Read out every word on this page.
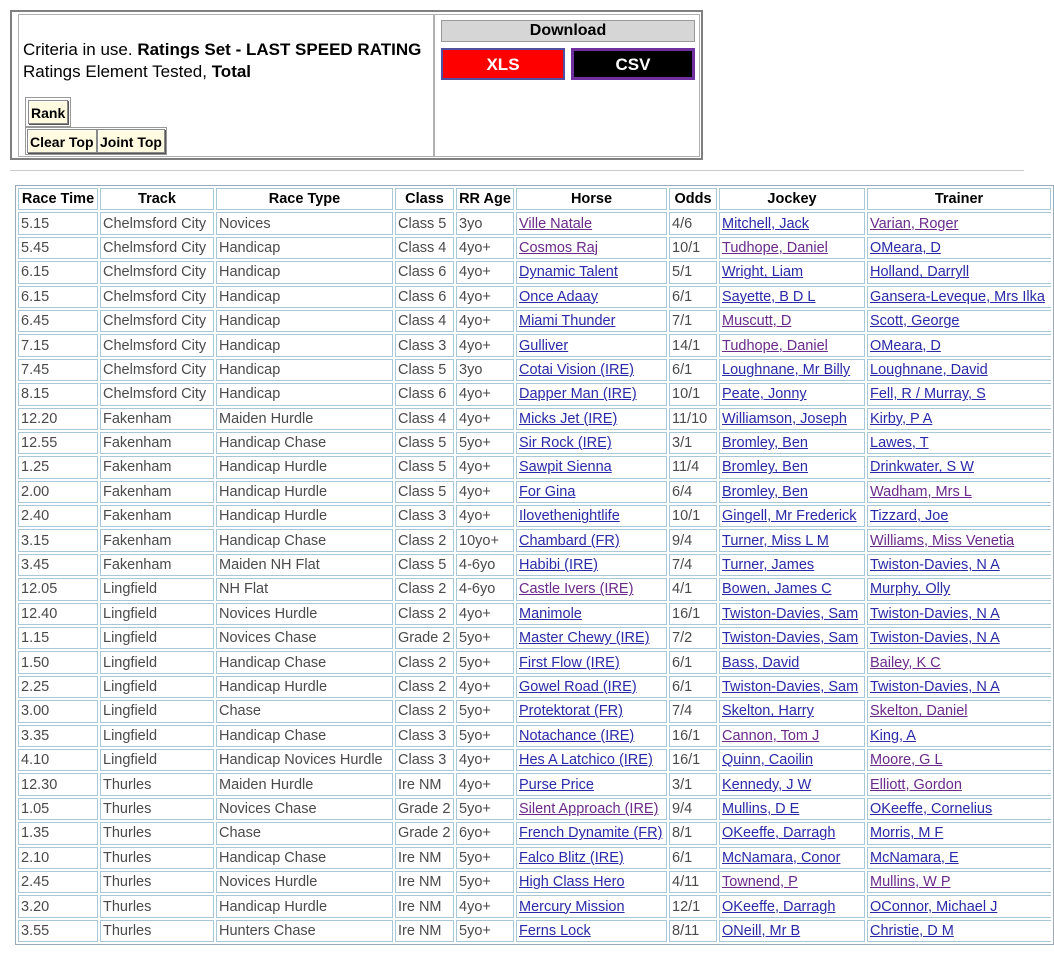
Criteria in use. Ratings Set - LAST SPEED RATING
Ratings Element Tested, Total
Rank
Clear Top Joint Top
Download
XLS	CSV
Race Time	Track	Race Type	Class	RR Age	Horse	Odds	Jockey	Trainer
5.15	Chelmsford City	Novices	Class 5	3yo	Ville Natale	4/6	Mitchell, Jack	Varian, Roger
5.45	Chelmsford City	Handicap	Class 4	4yo+	Cosmos Raj	10/1	Tudhope, Daniel	OMeara, D
6.15	Chelmsford City	Handicap	Class 6	4yo+	Dynamic Talent	5/1	Wright, Liam	Holland, Darryll
6.15	Chelmsford City	Handicap	Class 6	4yo+	Once Adaay	6/1	Sayette, B D L	Gansera-Leveque, Mrs Ilka
6.45	Chelmsford City	Handicap	Class 4	4yo+	Miami Thunder	7/1	Muscutt, D	Scott, George
7.15	Chelmsford City	Handicap	Class 3	4yo+	Gulliver	14/1	Tudhope, Daniel	OMeara, D
7.45	Chelmsford City	Handicap	Class 5	3yo	Cotai Vision (IRE)	6/1	Loughnane, Mr Billy	Loughnane, David
8.15	Chelmsford City	Handicap	Class 6	4yo+	Dapper Man (IRE)	10/1	Peate, Jonny	Fell, R / Murray, S
12.20	Fakenham	Maiden Hurdle	Class 4	4yo+	Micks Jet (IRE)	11/10	Williamson, Joseph	Kirby, P A
12.55	Fakenham	Handicap Chase	Class 5	5yo+	Sir Rock (IRE)	3/1	Bromley, Ben	Lawes, T
1.25	Fakenham	Handicap Hurdle	Class 5	4yo+	Sawpit Sienna	11/4	Bromley, Ben	Drinkwater, S W
2.00	Fakenham	Handicap Hurdle	Class 5	4yo+	For Gina	6/4	Bromley, Ben	Wadham, Mrs L
2.40	Fakenham	Handicap Hurdle	Class 3	4yo+	Ilovethenightlife	10/1	Gingell, Mr Frederick	Tizzard, Joe
3.15	Fakenham	Handicap Chase	Class 2	10yo+	Chambard (FR)	9/4	Turner, Miss L M	Williams, Miss Venetia
3.45	Fakenham	Maiden NH Flat	Class 5	4-6yo	Habibi (IRE)	7/4	Turner, James	Twiston-Davies, N A
12.05	Lingfield	NH Flat	Class 2	4-6yo	Castle Ivers (IRE)	4/1	Bowen, James C	Murphy, Olly
12.40	Lingfield	Novices Hurdle	Class 2	4yo+	Manimole	16/1	Twiston-Davies, Sam	Twiston-Davies, N A
1.15	Lingfield	Novices Chase	Grade 2	5yo+	Master Chewy (IRE)	7/2	Twiston-Davies, Sam	Twiston-Davies, N A
1.50	Lingfield	Handicap Chase	Class 2	5yo+	First Flow (IRE)	6/1	Bass, David	Bailey, K C
2.25	Lingfield	Handicap Hurdle	Class 2	4yo+	Gowel Road (IRE)	6/1	Twiston-Davies, Sam	Twiston-Davies, N A
3.00	Lingfield	Chase	Class 2	5yo+	Protektorat (FR)	7/4	Skelton, Harry	Skelton, Daniel
3.35	Lingfield	Handicap Chase	Class 3	5yo+	Notachance (IRE)	16/1	Cannon, Tom J	King, A
4.10	Lingfield	Handicap Novices Hurdle	Class 3	4yo+	Hes A Latchico (IRE)	16/1	Quinn, Caoilin	Moore, G L
12.30	Thurles	Maiden Hurdle	Ire NM	4yo+	Purse Price	3/1	Kennedy, J W	Elliott, Gordon
1.05	Thurles	Novices Chase	Grade 2	5yo+	Silent Approach (IRE)	9/4	Mullins, D E	OKeeffe, Cornelius
1.35	Thurles	Chase	Grade 2	6yo+	French Dynamite (FR)	8/1	OKeeffe, Darragh	Morris, M F
2.10	Thurles	Handicap Chase	Ire NM	5yo+	Falco Blitz (IRE)	6/1	McNamara, Conor	McNamara, E
2.45	Thurles	Novices Hurdle	Ire NM	5yo+	High Class Hero	4/11	Townend, P	Mullins, W P
3.20	Thurles	Handicap Hurdle	Ire NM	4yo+	Mercury Mission	12/1	OKeeffe, Darragh	OConnor, Michael J
3.55	Thurles	Hunters Chase	Ire NM	5yo+	Ferns Lock	8/11	ONeill, Mr B	Christie, D M
